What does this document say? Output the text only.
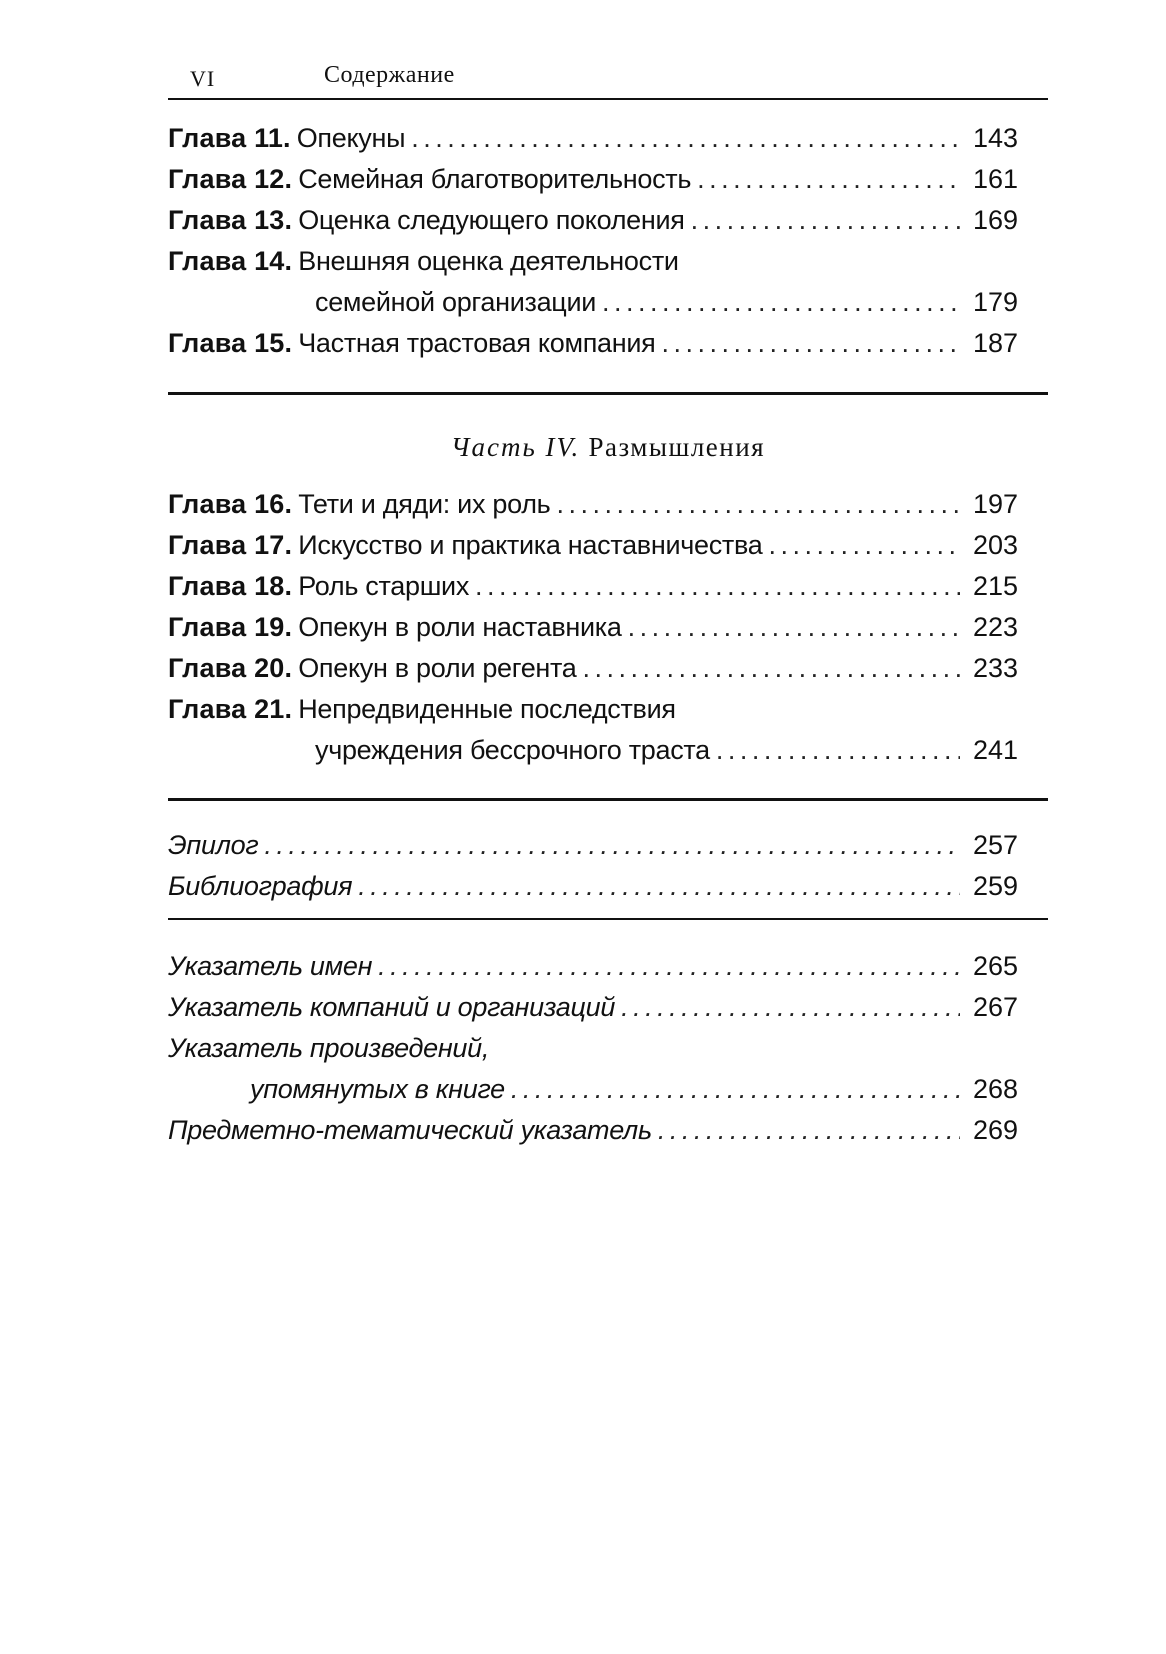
VI	Содержание
Глава 11. Опекуны . . .	143
Глава 12. Семейная благотворительность . . .	161
Глава 13. Оценка следующего поколения . . .	169
Глава 14. Внешняя оценка деятельности
семейной организации . . .	179
Глава 15. Частная трастовая компания . . .	187
Часть IV. Размышления
Глава 16. Тети и дяди: их роль . . .	197
Глава 17. Искусство и практика наставничества . . .	203
Глава 18. Роль старших . . .	215
Глава 19. Опекун в роли наставника . . .	223
Глава 20. Опекун в роли регента . . .	233
Глава 21. Непредвиденные последствия
учреждения бессрочного траста . . .	241
Эпилог . . .	257
Библиография . . .	259
Указатель имен . . .	265
Указатель компаний и организаций . . .	267
Указатель произведений,
упомянутых в книге . . .	268
Предметно-тематический указатель . . .	269
